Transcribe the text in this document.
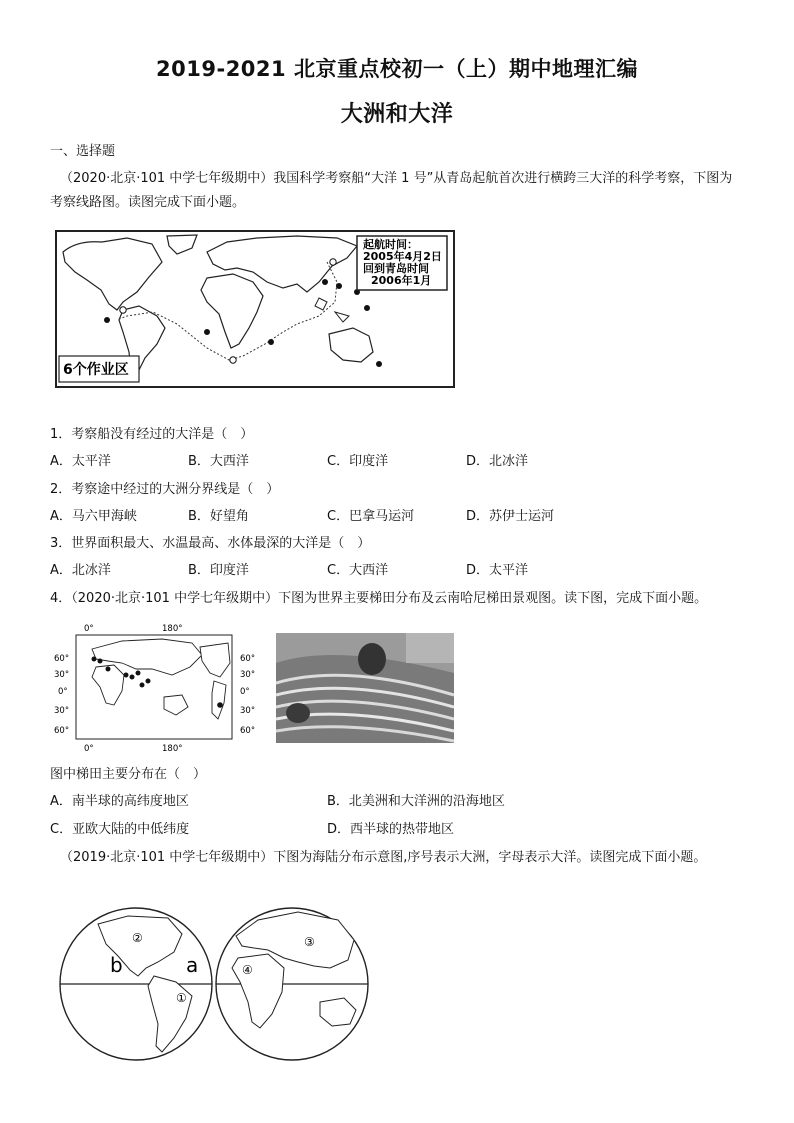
2019-2021 北京重点校初一（上）期中地理汇编
大洲和大洋
一、选择题
（2020·北京·101 中学七年级期中）我国科学考察船“大洋 1 号”从青岛起航首次进行横跨三大洋的科学考察，下图为
考察线路图。读图完成下面小题。
起航时间：
2005年4月2日
回到青岛时间
2006年1月
6个作业区
1．考察船没有经过的大洋是（　）
A．太平洋	B．大西洋	C．印度洋	D．北冰洋
2．考察途中经过的大洲分界线是（　）
A．马六甲海峡	B．好望角	C．巴拿马运河	D．苏伊士运河
3．世界面积最大、水温最高、水体最深的大洋是（　）
A．北冰洋	B．印度洋	C．大西洋	D．太平洋
4．（2020·北京·101 中学七年级期中）下图为世界主要梯田分布及云南哈尼梯田景观图。读下图，完成下面小题。
0°	180°
0°	180°
60°
30°
0°
30°
60°
60°
30°
0°
30°
60°
图中梯田主要分布在（　）
A．南半球的高纬度地区	B．北美洲和大洋洲的沿海地区
C．亚欧大陆的中低纬度	D．西半球的热带地区
（2019·北京·101 中学七年级期中）下图为海陆分布示意图,序号表示大洲，字母表示大洋。读图完成下面小题。
b	a
①
②	③
④
